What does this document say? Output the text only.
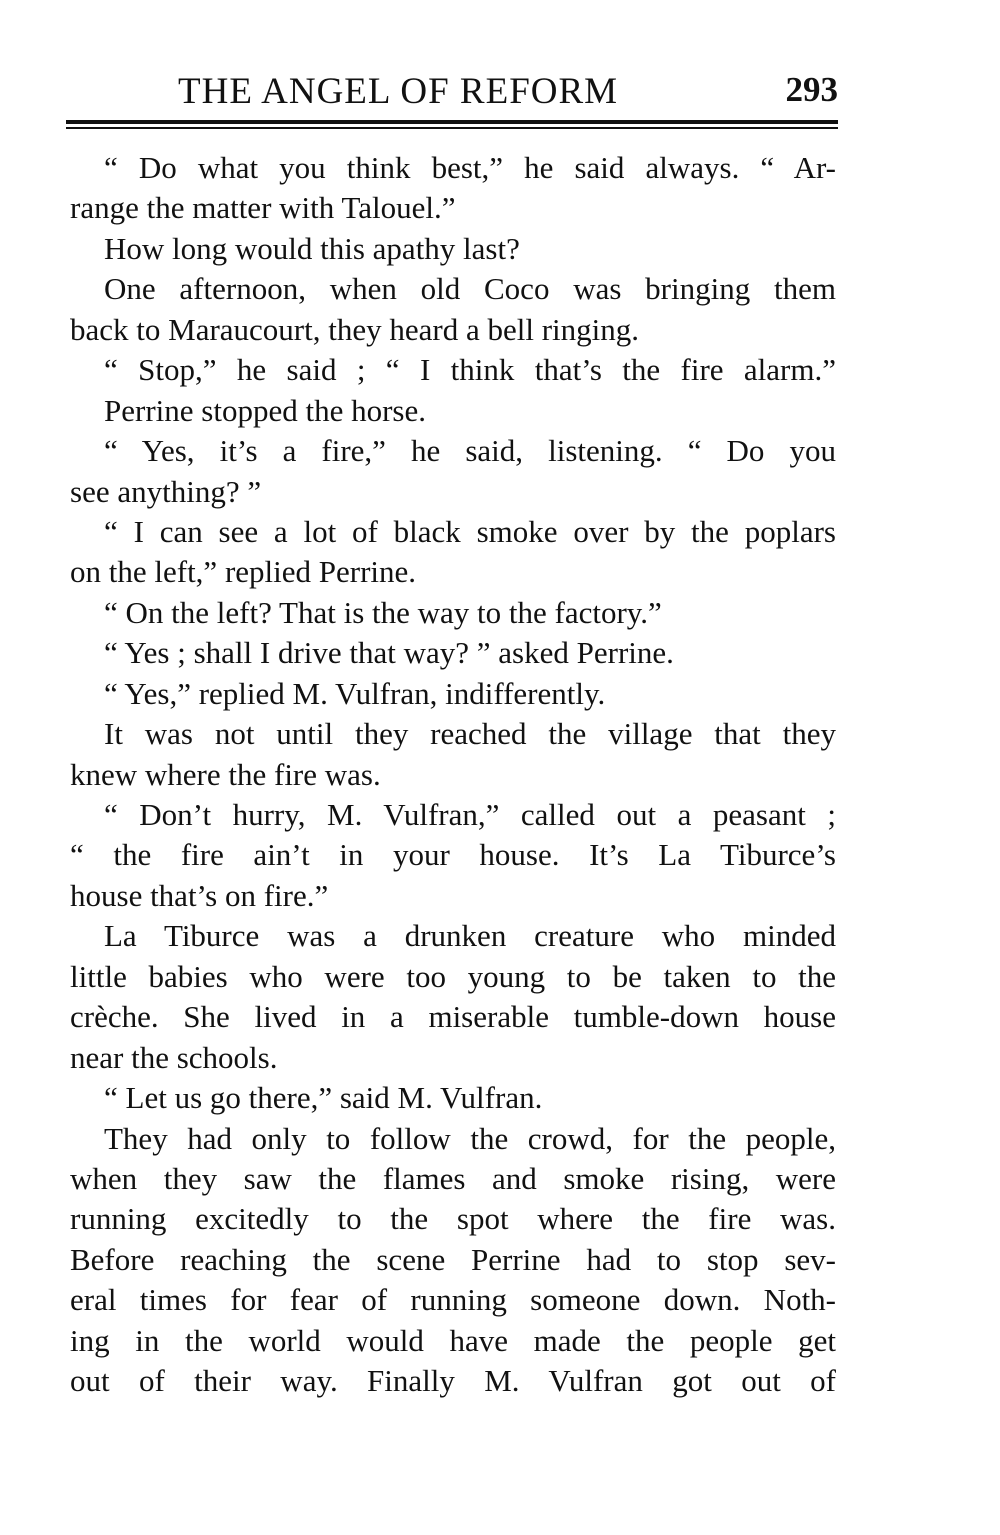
THE ANGEL OF REFORM	293
“ Do what you think best,” he said always. “ Ar-
range the matter with Talouel.”
How long would this apathy last?
One afternoon, when old Coco was bringing them
back to Maraucourt, they heard a bell ringing.
“ Stop,” he said ; “ I think that’s the fire alarm.”
Perrine stopped the horse.
“ Yes, it’s a fire,” he said, listening. “ Do you
see anything? ”
“ I can see a lot of black smoke over by the poplars
on the left,” replied Perrine.
“ On the left? That is the way to the factory.”
“ Yes ; shall I drive that way? ” asked Perrine.
“ Yes,” replied M. Vulfran, indifferently.
It was not until they reached the village that they
knew where the fire was.
“ Don’t hurry, M. Vulfran,” called out a peasant ;
“ the fire ain’t in your house. It’s La Tiburce’s
house that’s on fire.”
La Tiburce was a drunken creature who minded
little babies who were too young to be taken to the
crèche. She lived in a miserable tumble-down house
near the schools.
“ Let us go there,” said M. Vulfran.
They had only to follow the crowd, for the people,
when they saw the flames and smoke rising, were
running excitedly to the spot where the fire was.
Before reaching the scene Perrine had to stop sev-
eral times for fear of running someone down. Noth-
ing in the world would have made the people get
out of their way. Finally M. Vulfran got out of
